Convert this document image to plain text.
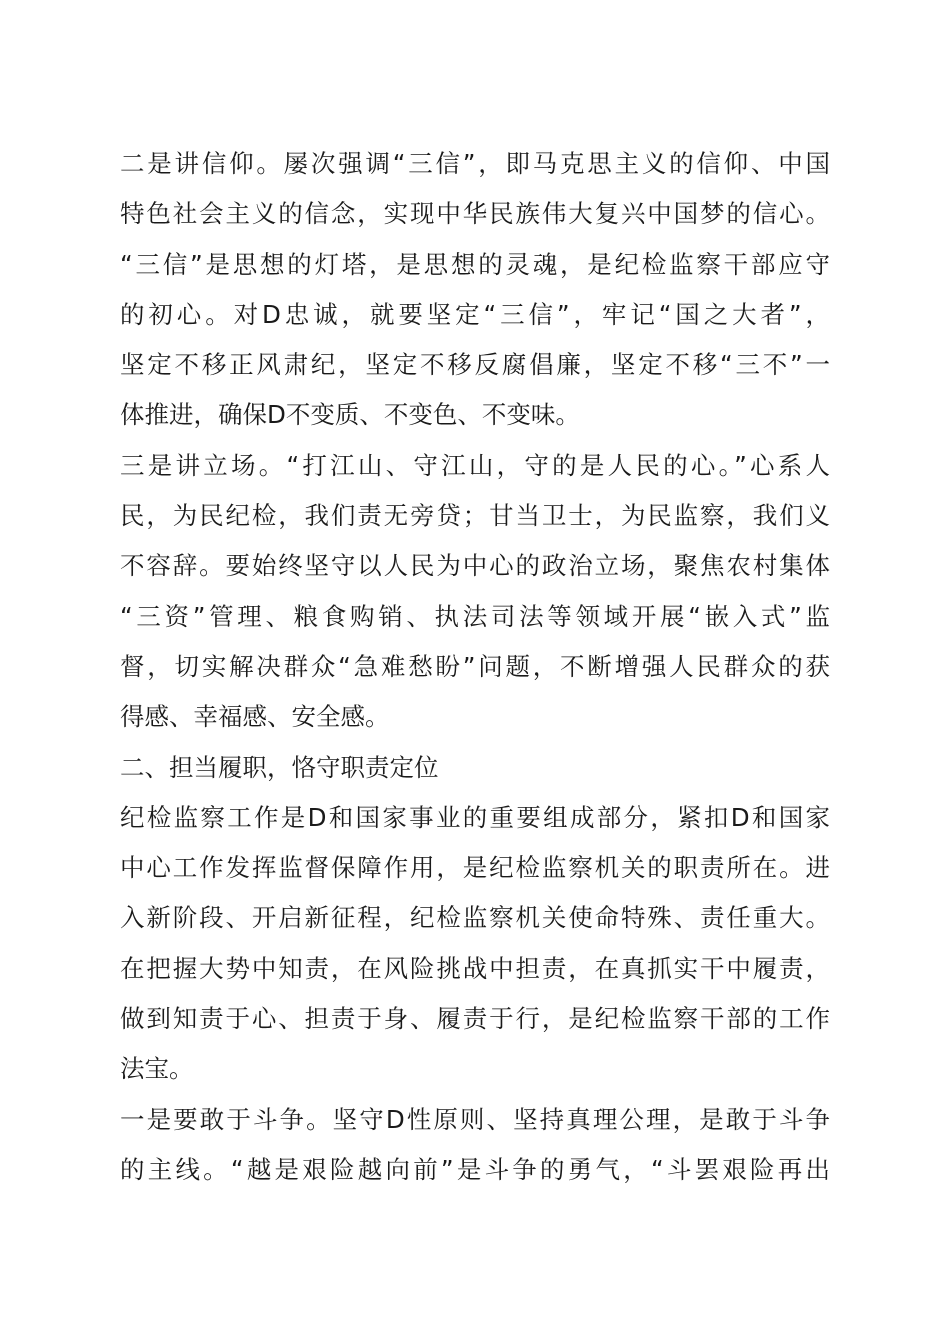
二是讲信仰。屡次强调“三信”，即马克思主义的信仰、中国
特色社会主义的信念，实现中华民族伟大复兴中国梦的信心。
“三信”是思想的灯塔，是思想的灵魂，是纪检监察干部应守
的初心。对D忠诚，就要坚定“三信”，牢记“国之大者”，
坚定不移正风肃纪，坚定不移反腐倡廉，坚定不移“三不”一
体推进，确保D不变质、不变色、不变味。
三是讲立场。“打江山、守江山，守的是人民的心。”心系人
民，为民纪检，我们责无旁贷；甘当卫士，为民监察，我们义
不容辞。要始终坚守以人民为中心的政治立场，聚焦农村集体
“三资”管理、粮食购销、执法司法等领域开展“嵌入式”监
督，切实解决群众“急难愁盼”问题，不断增强人民群众的获
得感、幸福感、安全感。
二、担当履职，恪守职责定位
纪检监察工作是D和国家事业的重要组成部分，紧扣D和国家
中心工作发挥监督保障作用，是纪检监察机关的职责所在。进
入新阶段、开启新征程，纪检监察机关使命特殊、责任重大。
在把握大势中知责，在风险挑战中担责，在真抓实干中履责，
做到知责于心、担责于身、履责于行，是纪检监察干部的工作
法宝。
一是要敢于斗争。坚守D性原则、坚持真理公理，是敢于斗争
的主线。“越是艰险越向前”是斗争的勇气，“斗罢艰险再出
